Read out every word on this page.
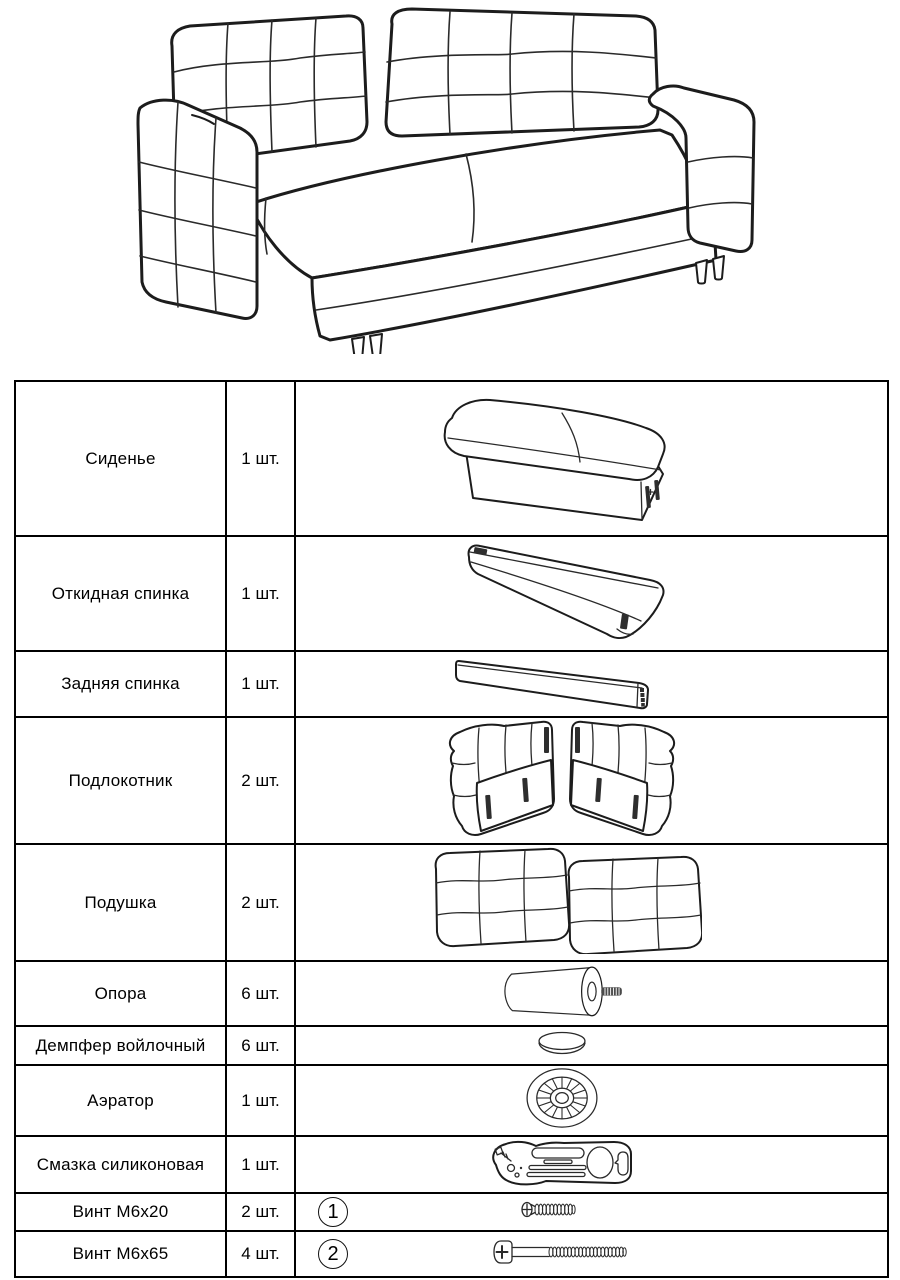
Сиденье	1 шт.	
Откидная спинка	1 шт.	
Задняя спинка	1 шт.	
Подлокотник	2 шт.	
Подушка	2 шт.	
Опора	6 шт.	
Демпфер войлочный	6 шт.	
Аэратор	1 шт.	
Смазка силиконовая	1 шт.	
Винт М6х20	2 шт.	1

Винт М6х65	4 шт.	2
